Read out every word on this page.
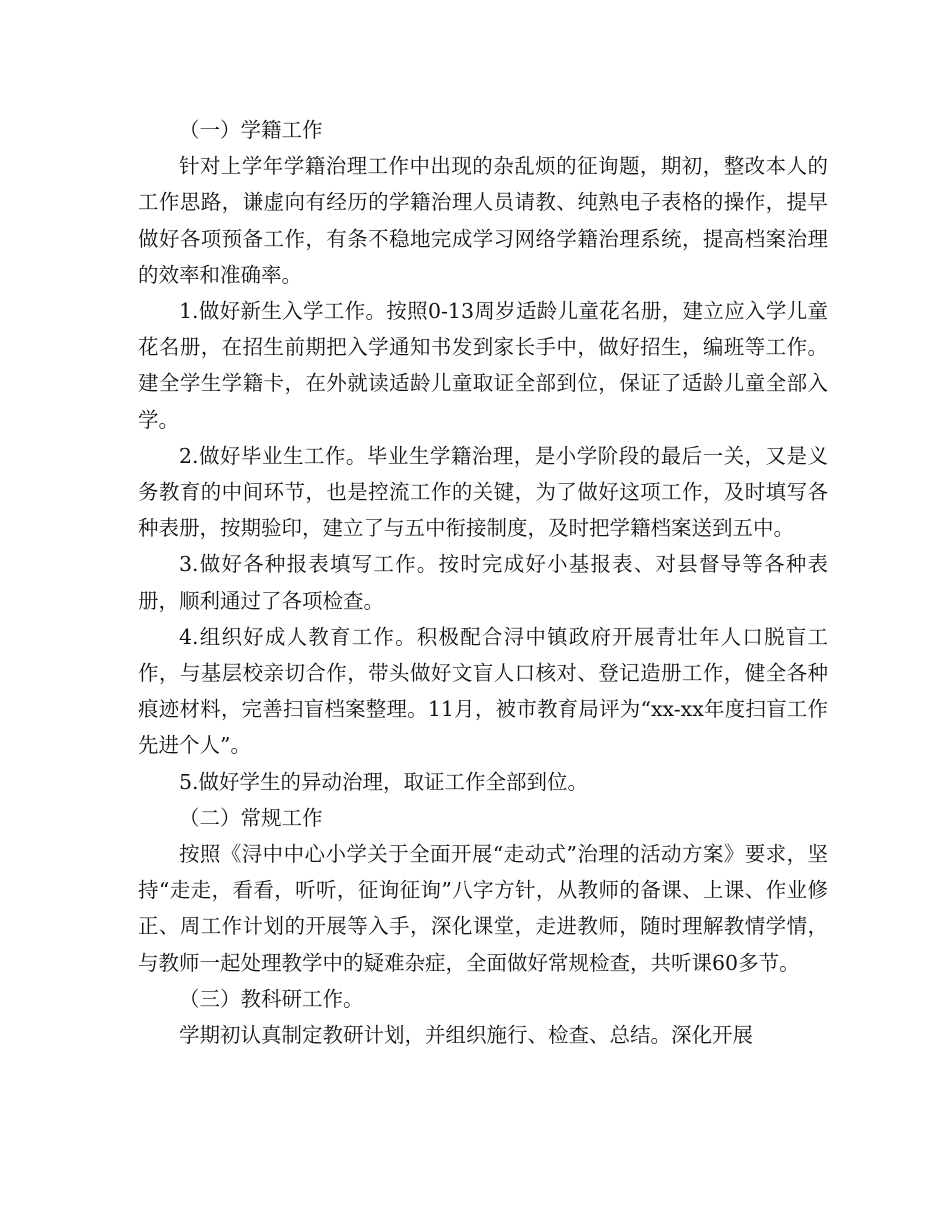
（一）学籍工作

针对上学年学籍治理工作中出现的杂乱烦的征询题，期初，整改本人的工作思路，谦虚向有经历的学籍治理人员请教、纯熟电子表格的操作，提早做好各项预备工作，有条不稳地完成学习网络学籍治理系统，提高档案治理的效率和准确率。

1.做好新生入学工作。按照0-13周岁适龄儿童花名册，建立应入学儿童花名册，在招生前期把入学通知书发到家长手中，做好招生，编班等工作。建全学生学籍卡，在外就读适龄儿童取证全部到位，保证了适龄儿童全部入学。

2.做好毕业生工作。毕业生学籍治理，是小学阶段的最后一关，又是义务教育的中间环节，也是控流工作的关键，为了做好这项工作，及时填写各种表册，按期验印，建立了与五中衔接制度，及时把学籍档案送到五中。

3.做好各种报表填写工作。按时完成好小基报表、对县督导等各种表册，顺利通过了各项检查。

4.组织好成人教育工作。积极配合浔中镇政府开展青壮年人口脱盲工作，与基层校亲切合作，带头做好文盲人口核对、登记造册工作，健全各种痕迹材料，完善扫盲档案整理。11月，被市教育局评为“xx-xx年度扫盲工作先进个人”。

5.做好学生的异动治理，取证工作全部到位。

（二）常规工作

按照《浔中中心小学关于全面开展“走动式”治理的活动方案》要求，坚持“走走，看看，听听，征询征询”八字方针，从教师的备课、上课、作业修正、周工作计划的开展等入手，深化课堂，走进教师，随时理解教情学情，与教师一起处理教学中的疑难杂症，全面做好常规检查，共听课60多节。

（三）教科研工作。

学期初认真制定教研计划，并组织施行、检查、总结。深化开展
